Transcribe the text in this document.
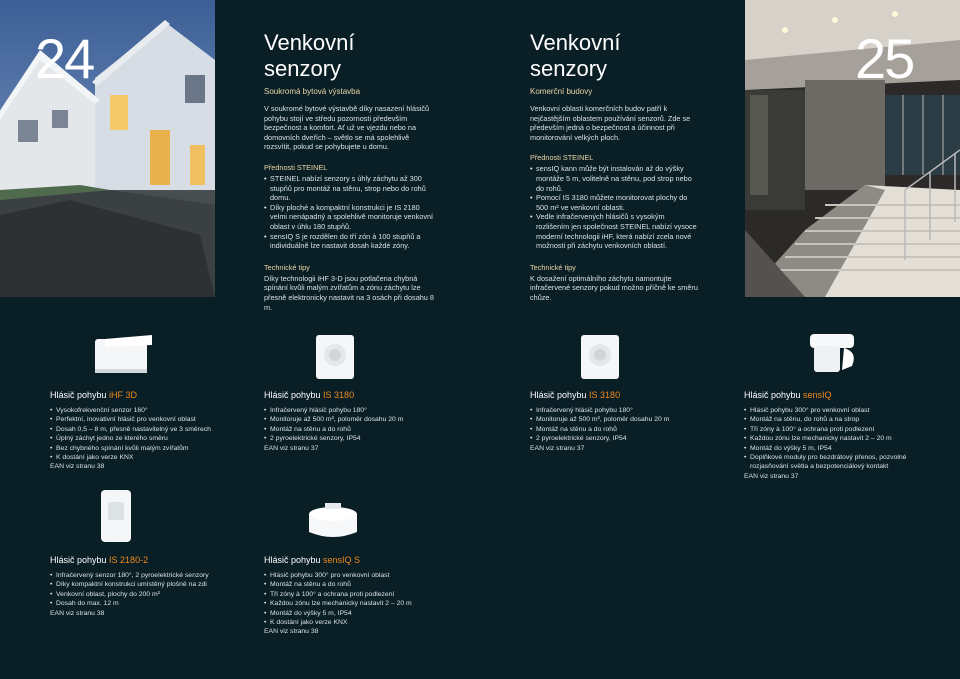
24	Venkovní
senzory

Soukromá bytová výstavba

V soukromé bytové výstavbě díky nasazení hlásičů pohybu stojí ve středu pozornosti především bezpečnost a komfort. Ať už ve vjezdu nebo na domovních dveřích – světlo se má spolehlivě rozsvítit, pokud se pohybujete u domu.

Přednosti STEINEL

• STEINEL nabízí senzory s úhly záchytu až 300 stupňů pro montáž na stěnu, strop nebo do rohů domu.
• Díky ploché a kompaktní konstrukci je IS 2180 velmi nenápadný a spolehlivě monitoruje venkovní oblast v úhlu 180 stupňů.
• sensIQ S je rozdělen do tří zón à 100 stupňů a individuálně lze nastavit dosah každé zóny.

Technické tipy

Díky technologii iHF 3-D jsou potlačena chybná spínání kvůli malým zvířatům a zónu záchytu lze přesně elektronicky nastavit na 3 osách při dosahu 8 m.

Venkovní
senzory

Komerční budovy

Venkovní oblasti komerčních budov patří k nejčastějším oblastem používání senzorů. Zde se především jedná o bezpečnost a účinnost při monitorování velkých ploch.

Přednosti STEINEL

• sensIQ kann může být instalován až do výšky montáže 5 m, volitelně na stěnu, pod strop nebo do rohů.
• Pomocí IS 3180 můžete monitorovat plochy do 500 m² ve venkovní oblasti.
• Vedle infračervených hlásičů s vysokým rozlišením jen společnost STEINEL nabízí vysoce moderní technologii iHF, která nabízí zcela nové možnosti při záchytu venkovních oblastí.

Technické tipy

K dosažení optimálního záchytu namontujte infračervené senzory pokud možno příčně ke směru chůze.

25

Hlásič pohybu iHF 3D

• Vysokofrekvenční senzor 160°
• Perfektní, inovativní hlásič pro venkovní oblast
• Dosah 0,5 – 8 m, přesně nastavitelný ve 3 směrech
• Úplný záchyt jedno ze kterého směru
• Bez chybného spínání kvůli malým zvířatům
• K dostání jako verze KNX

EAN viz stranu 38

Hlásič pohybu IS 3180

• Infračervený hlásič pohybu 180°
• Monitoruje až 500 m², poloměr dosahu 20 m
• Montáž na stěnu a do rohů
• 2 pyroelektrické senzory, IP54

EAN viz stranu 37

Hlásič pohybu IS 3180

• Infračervený hlásič pohybu 180°
• Monitoruje až 500 m², poloměr dosahu 20 m
• Montáž na stěnu a do rohů
• 2 pyroelektrické senzory, IP54

EAN viz stranu 37

Hlásič pohybu sensIQ

• Hlásič pohybu 300° pro venkovní oblast
• Montáž na stěnu, do rohů a na strop
• Tři zóny à 100° a ochrana proti podlezení
• Každou zónu lze mechanicky nastavit 2 – 20 m
• Montáž do výšky 5 m, IP54
• Doplňkové moduly pro bezdrátový přenos, pozvolné rozjasňování světla a bezpotenciálový kontakt

EAN viz stranu 37

Hlásič pohybu IS 2180-2

• Infračervený senzor 180°, 2 pyroelektrické senzory
• Díky kompaktní konstrukci umístěný plošně na zdi
• Venkovní oblast, plochy do 200 m²
• Dosah do max. 12 m

EAN viz stranu 38

Hlásič pohybu sensIQ S

• Hlásič pohybu 300° pro venkovní oblast
• Montáž na stěnu a do rohů
• Tři zóny à 100° a ochrana proti podlezení
• Každou zónu lze mechanicky nastavit 2 – 20 m
• Montáž do výšky 5 m, IP54
• K dostání jako verze KNX

EAN viz stranu 38
